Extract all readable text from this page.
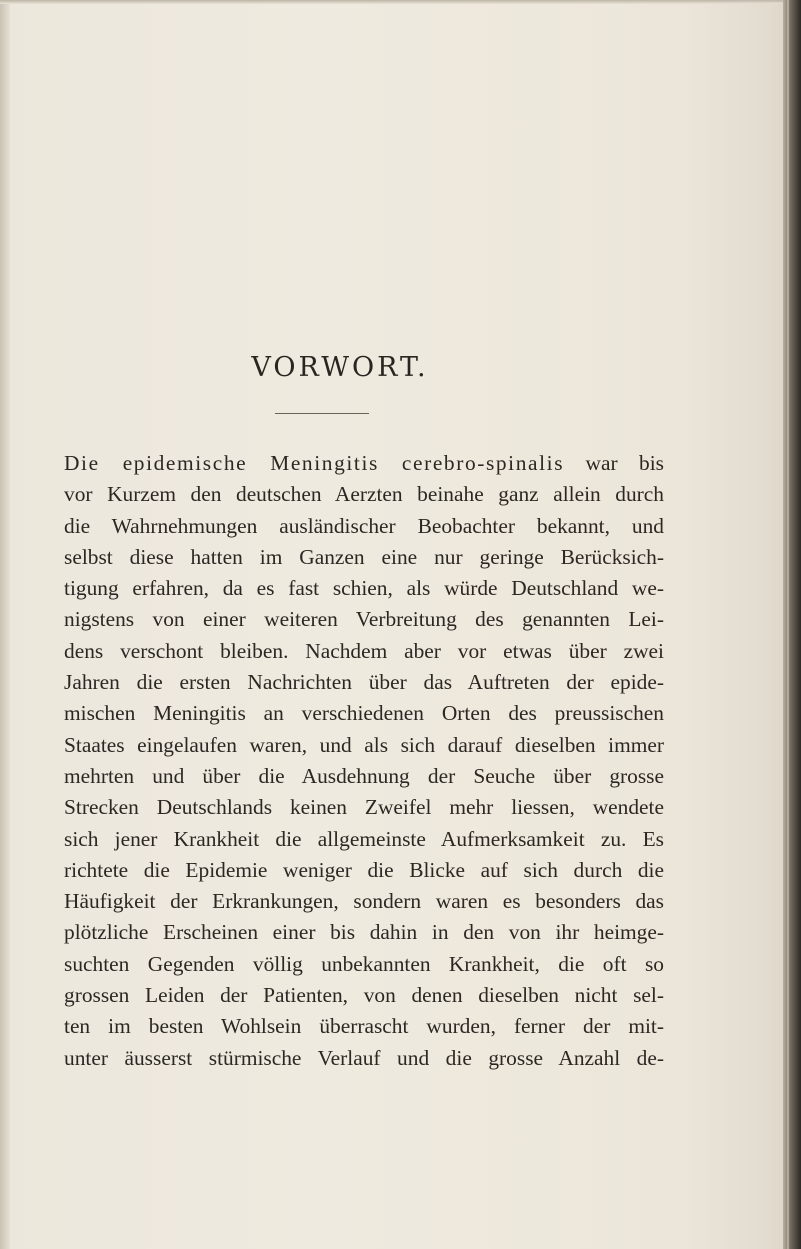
VORWORT.
Die epidemische Meningitis cerebro-spinalis war bis
vor Kurzem den deutschen Aerzten beinahe ganz allein durch
die Wahrnehmungen ausländischer Beobachter bekannt, und
selbst diese hatten im Ganzen eine nur geringe Berücksich-
tigung erfahren, da es fast schien, als würde Deutschland we-
nigstens von einer weiteren Verbreitung des genannten Lei-
dens verschont bleiben. Nachdem aber vor etwas über zwei
Jahren die ersten Nachrichten über das Auftreten der epide-
mischen Meningitis an verschiedenen Orten des preussischen
Staates eingelaufen waren, und als sich darauf dieselben immer
mehrten und über die Ausdehnung der Seuche über grosse
Strecken Deutschlands keinen Zweifel mehr liessen, wendete
sich jener Krankheit die allgemeinste Aufmerksamkeit zu. Es
richtete die Epidemie weniger die Blicke auf sich durch die
Häufigkeit der Erkrankungen, sondern waren es besonders das
plötzliche Erscheinen einer bis dahin in den von ihr heimge-
suchten Gegenden völlig unbekannten Krankheit, die oft so
grossen Leiden der Patienten, von denen dieselben nicht sel-
ten im besten Wohlsein überrascht wurden, ferner der mit-
unter äusserst stürmische Verlauf und die grosse Anzahl de-
